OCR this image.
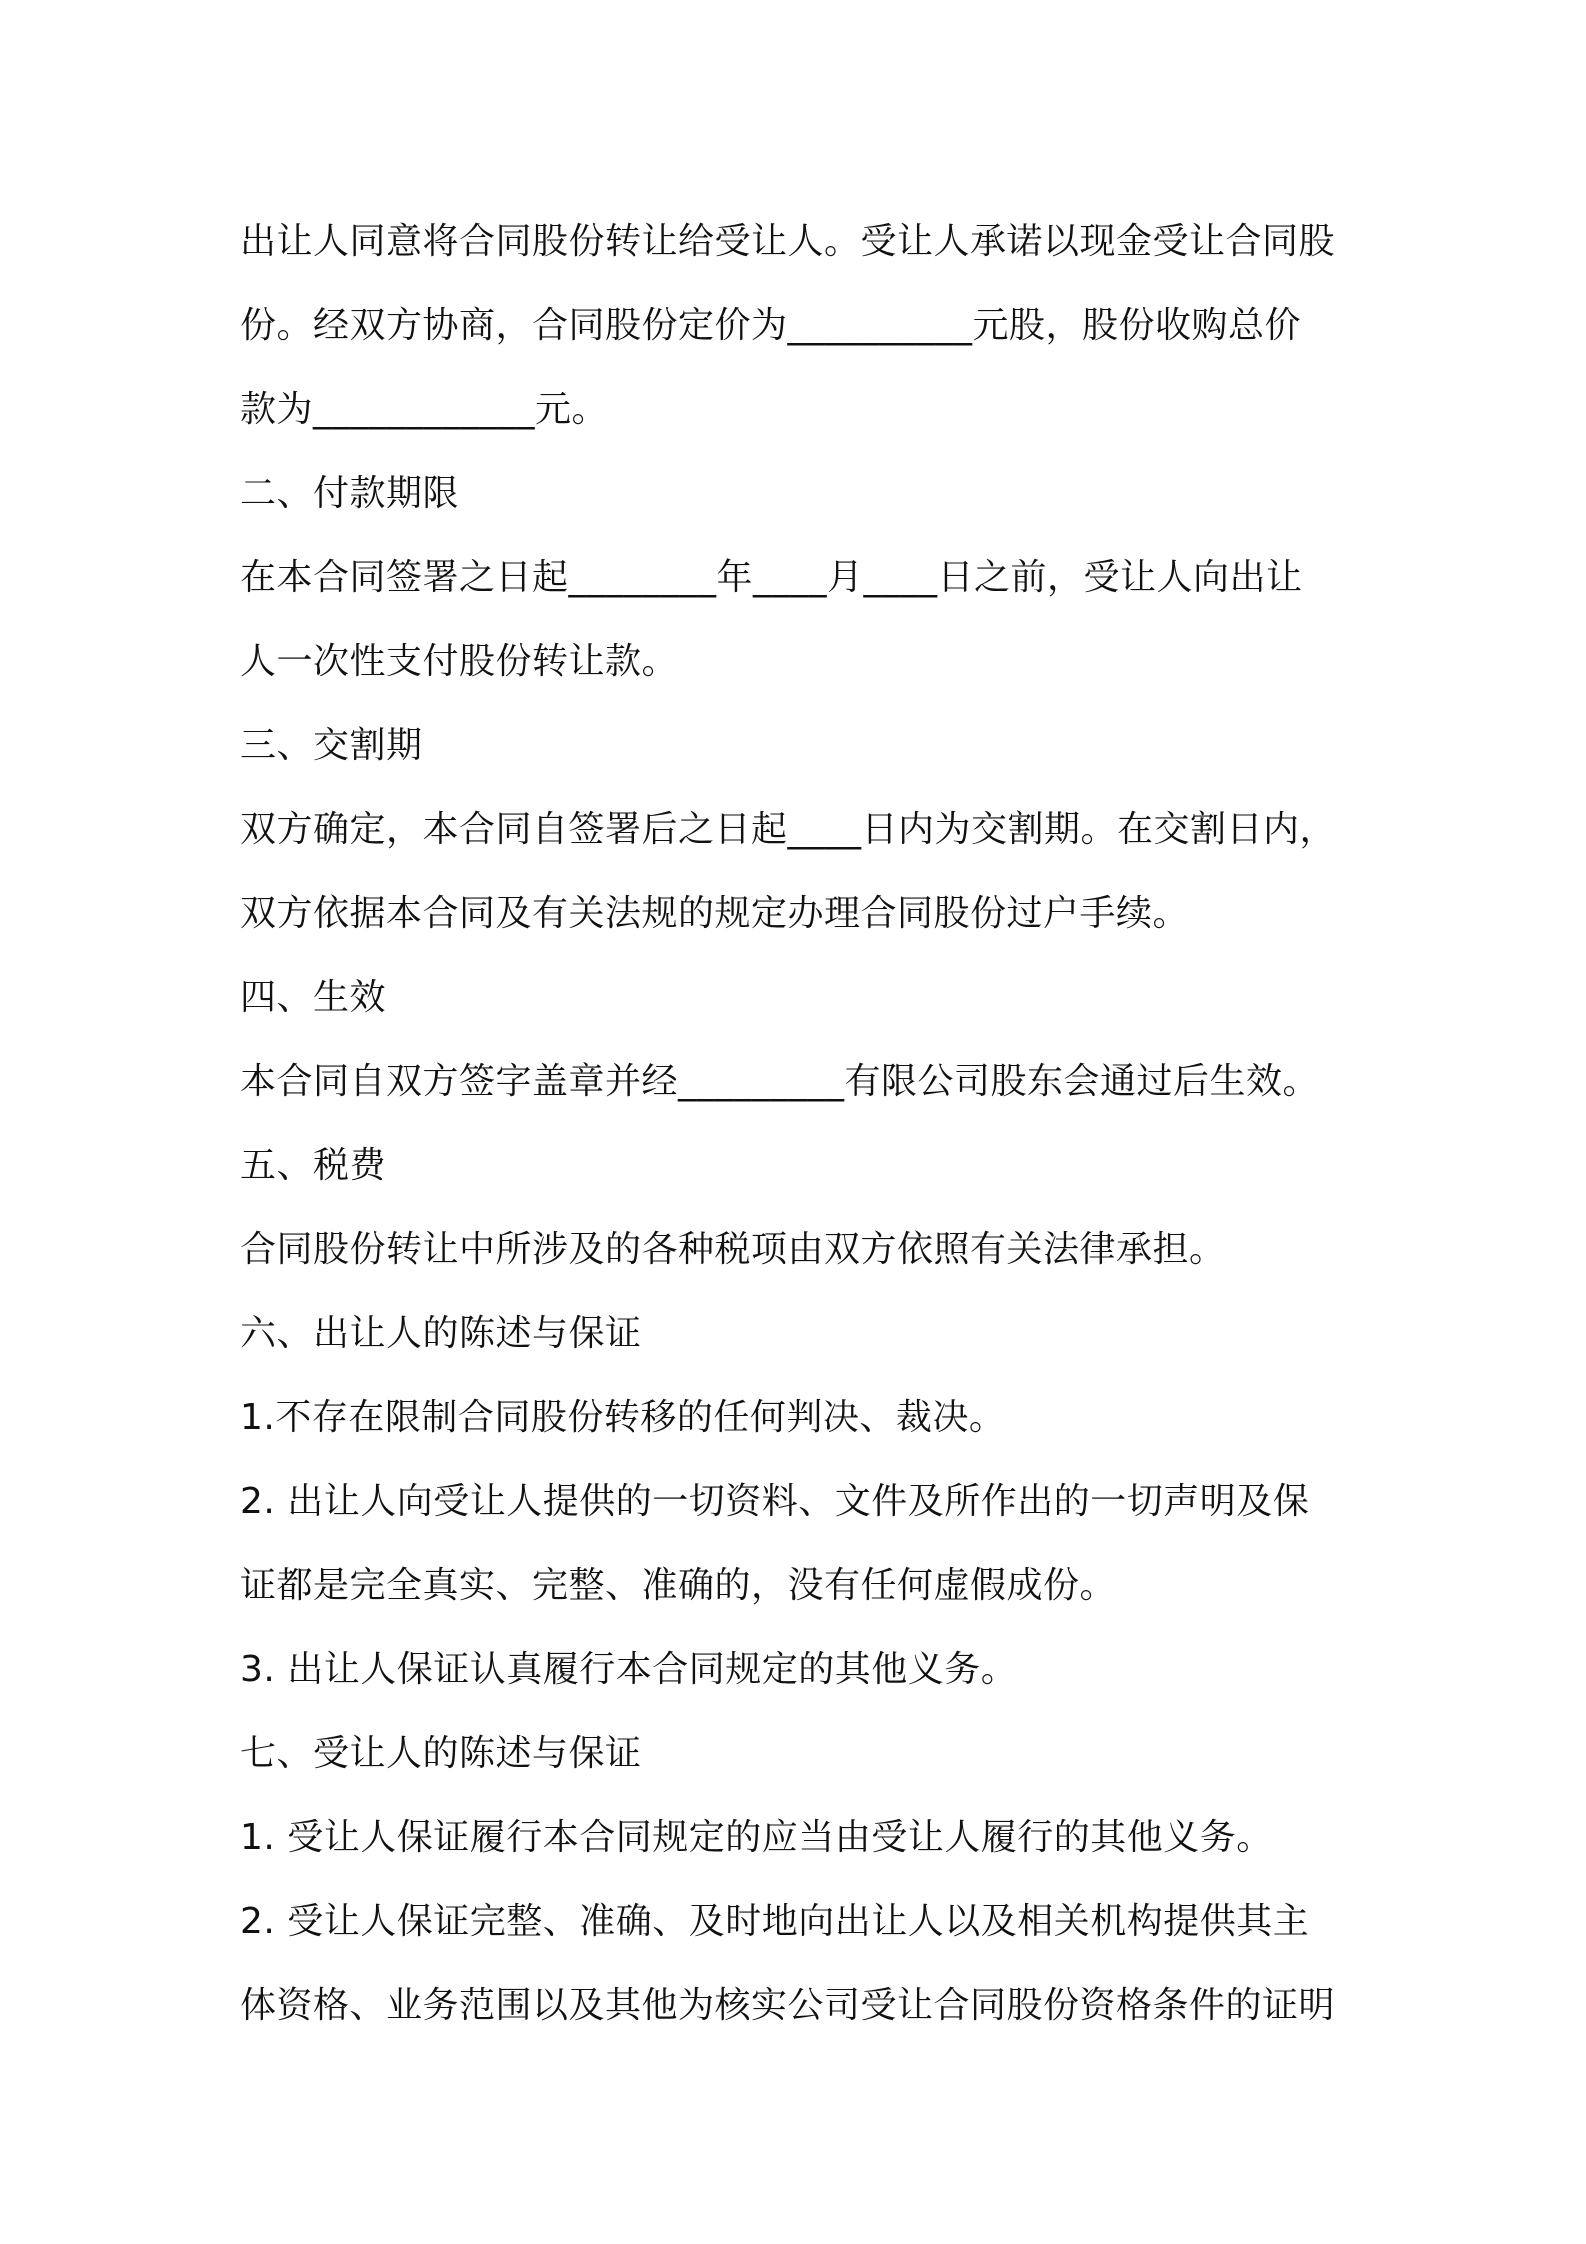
出让人同意将合同股份转让给受让人。受让人承诺以现金受让合同股
份。经双方协商，合同股份定价为__________元股，股份收购总价
款为____________元。
二、付款期限
在本合同签署之日起________年____月____日之前，受让人向出让
人一次性支付股份转让款。
三、交割期
双方确定，本合同自签署后之日起____日内为交割期。在交割日内，
双方依据本合同及有关法规的规定办理合同股份过户手续。
四、生效
本合同自双方签字盖章并经_________有限公司股东会通过后生效。
五、税费
合同股份转让中所涉及的各种税项由双方依照有关法律承担。
六、出让人的陈述与保证
1.不存在限制合同股份转移的任何判决、裁决。
2. 出让人向受让人提供的一切资料、文件及所作出的一切声明及保
证都是完全真实、完整、准确的，没有任何虚假成份。
3. 出让人保证认真履行本合同规定的其他义务。
七、受让人的陈述与保证
1. 受让人保证履行本合同规定的应当由受让人履行的其他义务。
2. 受让人保证完整、准确、及时地向出让人以及相关机构提供其主
体资格、业务范围以及其他为核实公司受让合同股份资格条件的证明
